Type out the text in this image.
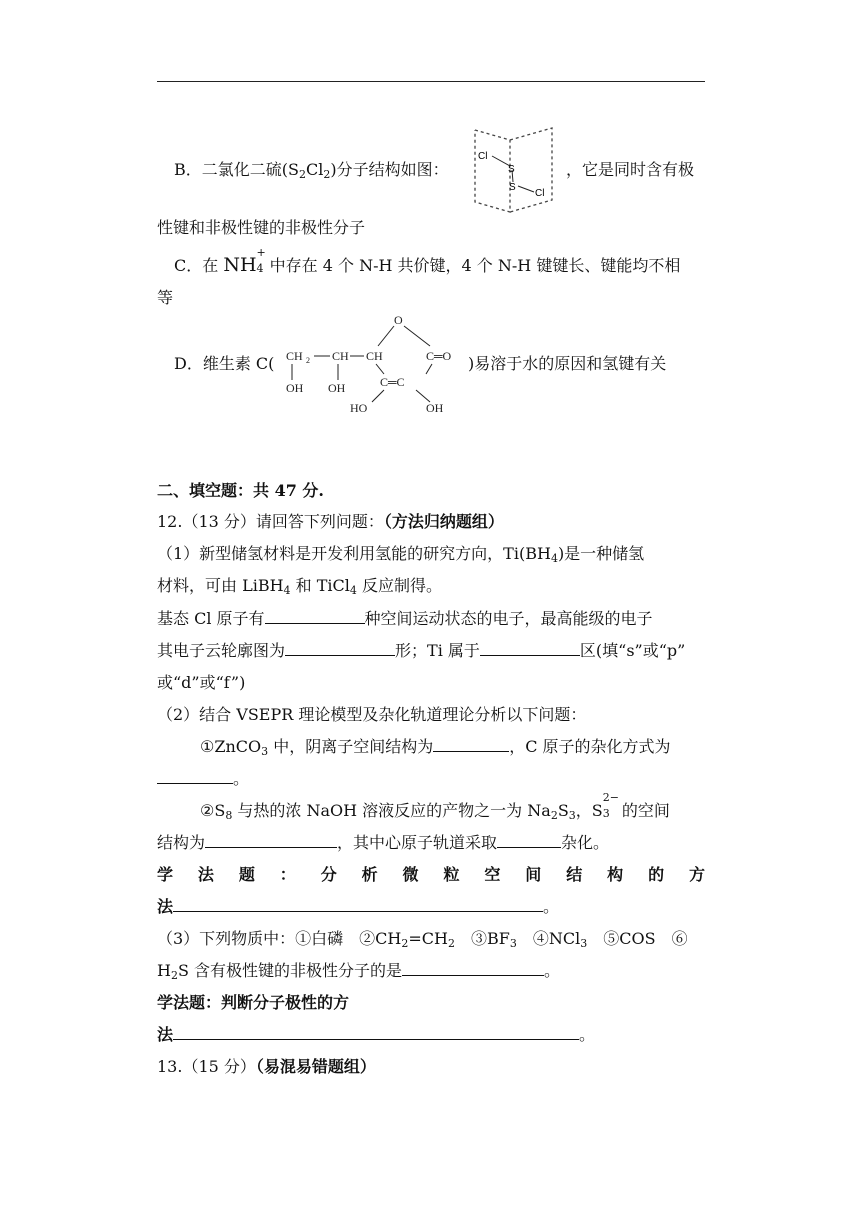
B．二氯化二硫$(S_2Cl_2)$分子结构如图：
Cl
S
S
Cl
，它是同时含有极
性键和非极性键的非极性分子
C．在 NH
+
4 中存在 4 个 N-H 共价键，4 个 N-H 键键长、键能均不相
等
D．维生素 C(
O
CH 2 CH CH	C═O
C═C
OH OH
HO	OH
)易溶于水的原因和氢键有关
二、填空题：共 47 分.
12.（13 分）请回答下列问题：（方法归纳题组）
（1）新型储氢材料是开发利用氢能的研究方向，$Ti(BH_4)$是一种储氢
材料，可由 LiBH$_4$ 和 TiCl$_4$ 反应制得。
基态 Cl 原子有	种空间运动状态的电子，最高能级的电子
其电子云轮廓图为	形；Ti 属于	区(填“s”或“p”
或“d”或“f”)
（2）结合 VSEPR 理论模型及杂化轨道理论分析以下问题：
①ZnCO$_3$ 中，阴离子空间结构为	，C 原子的杂化方式为
。
$②S_8$ 与热的浓 NaOH 溶液反应的产物之一为 $Na_2S_3$，S
2−
3 的空间
结构为	，其中心原子轨道采取	杂化。
学 法 题 ： 分 析 微 粒 空 间 结 构 的 方
法	。
（3）下列物质中：①白磷　$②CH_2=CH_2$　$③BF_3$　④NCl$_3$　⑤COS　⑥
$H_2S$ 含有极性键的非极性分子的是	。
学法题：判断分子极性的方
法	。
13.（15 分）（易混易错题组）
